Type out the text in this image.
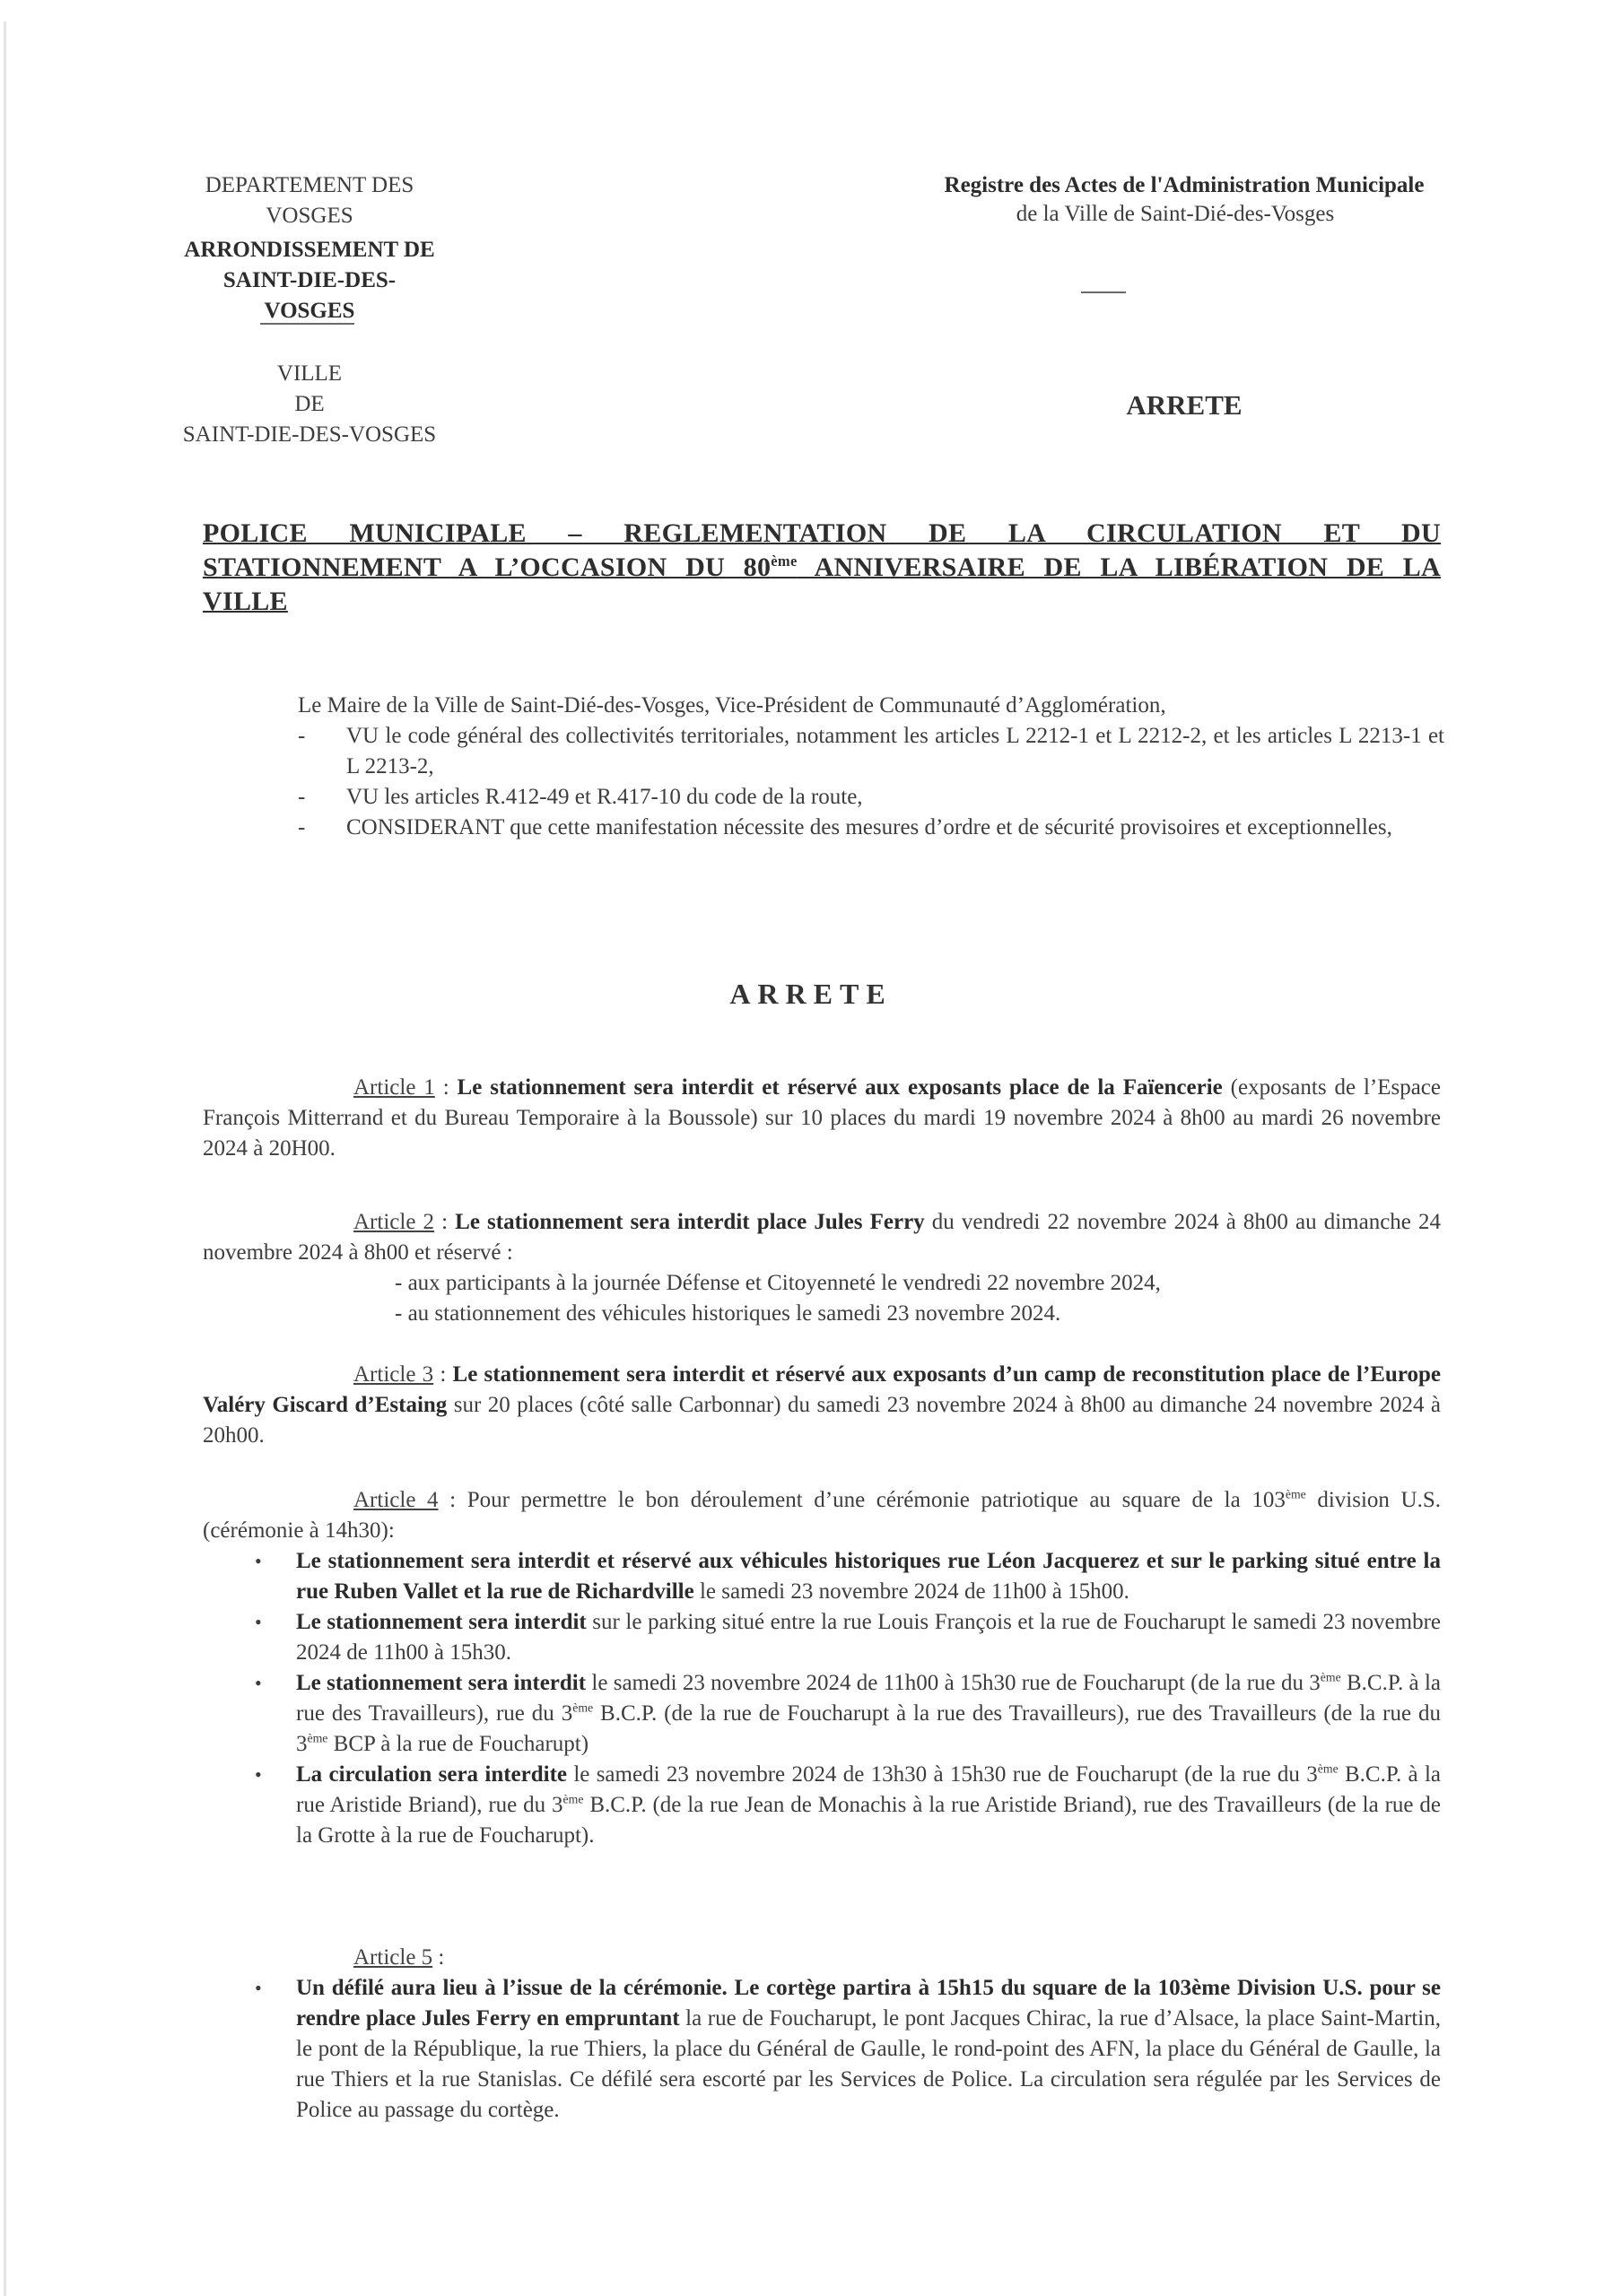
DEPARTEMENT DES VOSGES
ARRONDISSEMENT DE
SAINT-DIE-DES-VOSGES
VILLE
DE
SAINT-DIE-DES-VOSGES
Registre des Actes de l'Administration Municipale
de la Ville de Saint-Dié-des-Vosges
ARRETE
POLICE MUNICIPALE – REGLEMENTATION DE LA CIRCULATION ET DU STATIONNEMENT A L’OCCASION DU 80ème ANNIVERSAIRE DE LA LIBÉRATION DE LA VILLE
Le Maire de la Ville de Saint-Dié-des-Vosges, Vice-Président de Communauté d’Agglomération,
- VU le code général des collectivités territoriales, notamment les articles L 2212-1 et L 2212-2, et les articles L 2213-1 et L 2213-2,
- VU les articles R.412-49 et R.417-10 du code de la route,
- CONSIDERANT que cette manifestation nécessite des mesures d’ordre et de sécurité provisoires et exceptionnelles,
ARRETE
Article 1 : Le stationnement sera interdit et réservé aux exposants place de la Faïencerie (exposants de l’Espace François Mitterrand et du Bureau Temporaire à la Boussole) sur 10 places du mardi 19 novembre 2024 à 8h00 au mardi 26 novembre 2024 à 20H00.
Article 2 : Le stationnement sera interdit place Jules Ferry du vendredi 22 novembre 2024 à 8h00 au dimanche 24 novembre 2024 à 8h00 et réservé :
- aux participants à la journée Défense et Citoyenneté le vendredi 22 novembre 2024,
- au stationnement des véhicules historiques le samedi 23 novembre 2024.
Article 3 : Le stationnement sera interdit et réservé aux exposants d’un camp de reconstitution place de l’Europe Valéry Giscard d’Estaing sur 20 places (côté salle Carbonnar) du samedi 23 novembre 2024 à 8h00 au dimanche 24 novembre 2024 à 20h00.
Article 4 : Pour permettre le bon déroulement d’une cérémonie patriotique au square de la 103ème division U.S. (cérémonie à 14h30):
• Le stationnement sera interdit et réservé aux véhicules historiques rue Léon Jacquerez et sur le parking situé entre la rue Ruben Vallet et la rue de Richardville le samedi 23 novembre 2024 de 11h00 à 15h00.
• Le stationnement sera interdit sur le parking situé entre la rue Louis François et la rue de Foucharupt le samedi 23 novembre 2024 de 11h00 à 15h30.
• Le stationnement sera interdit le samedi 23 novembre 2024 de 11h00 à 15h30 rue de Foucharupt (de la rue du 3ème B.C.P. à la rue des Travailleurs), rue du 3ème B.C.P. (de la rue de Foucharupt à la rue des Travailleurs), rue des Travailleurs (de la rue du 3ème BCP à la rue de Foucharupt)
• La circulation sera interdite le samedi 23 novembre 2024 de 13h30 à 15h30 rue de Foucharupt (de la rue du 3ème B.C.P. à la rue Aristide Briand), rue du 3ème B.C.P. (de la rue Jean de Monachis à la rue Aristide Briand), rue des Travailleurs (de la rue de la Grotte à la rue de Foucharupt).
Article 5 :
• Un défilé aura lieu à l’issue de la cérémonie. Le cortège partira à 15h15 du square de la 103ème Division U.S. pour se rendre place Jules Ferry en empruntant la rue de Foucharupt, le pont Jacques Chirac, la rue d’Alsace, la place Saint-Martin, le pont de la République, la rue Thiers, la place du Général de Gaulle, le rond-point des AFN, la place du Général de Gaulle, la rue Thiers et la rue Stanislas. Ce défilé sera escorté par les Services de Police. La circulation sera régulée par les Services de Police au passage du cortège.
